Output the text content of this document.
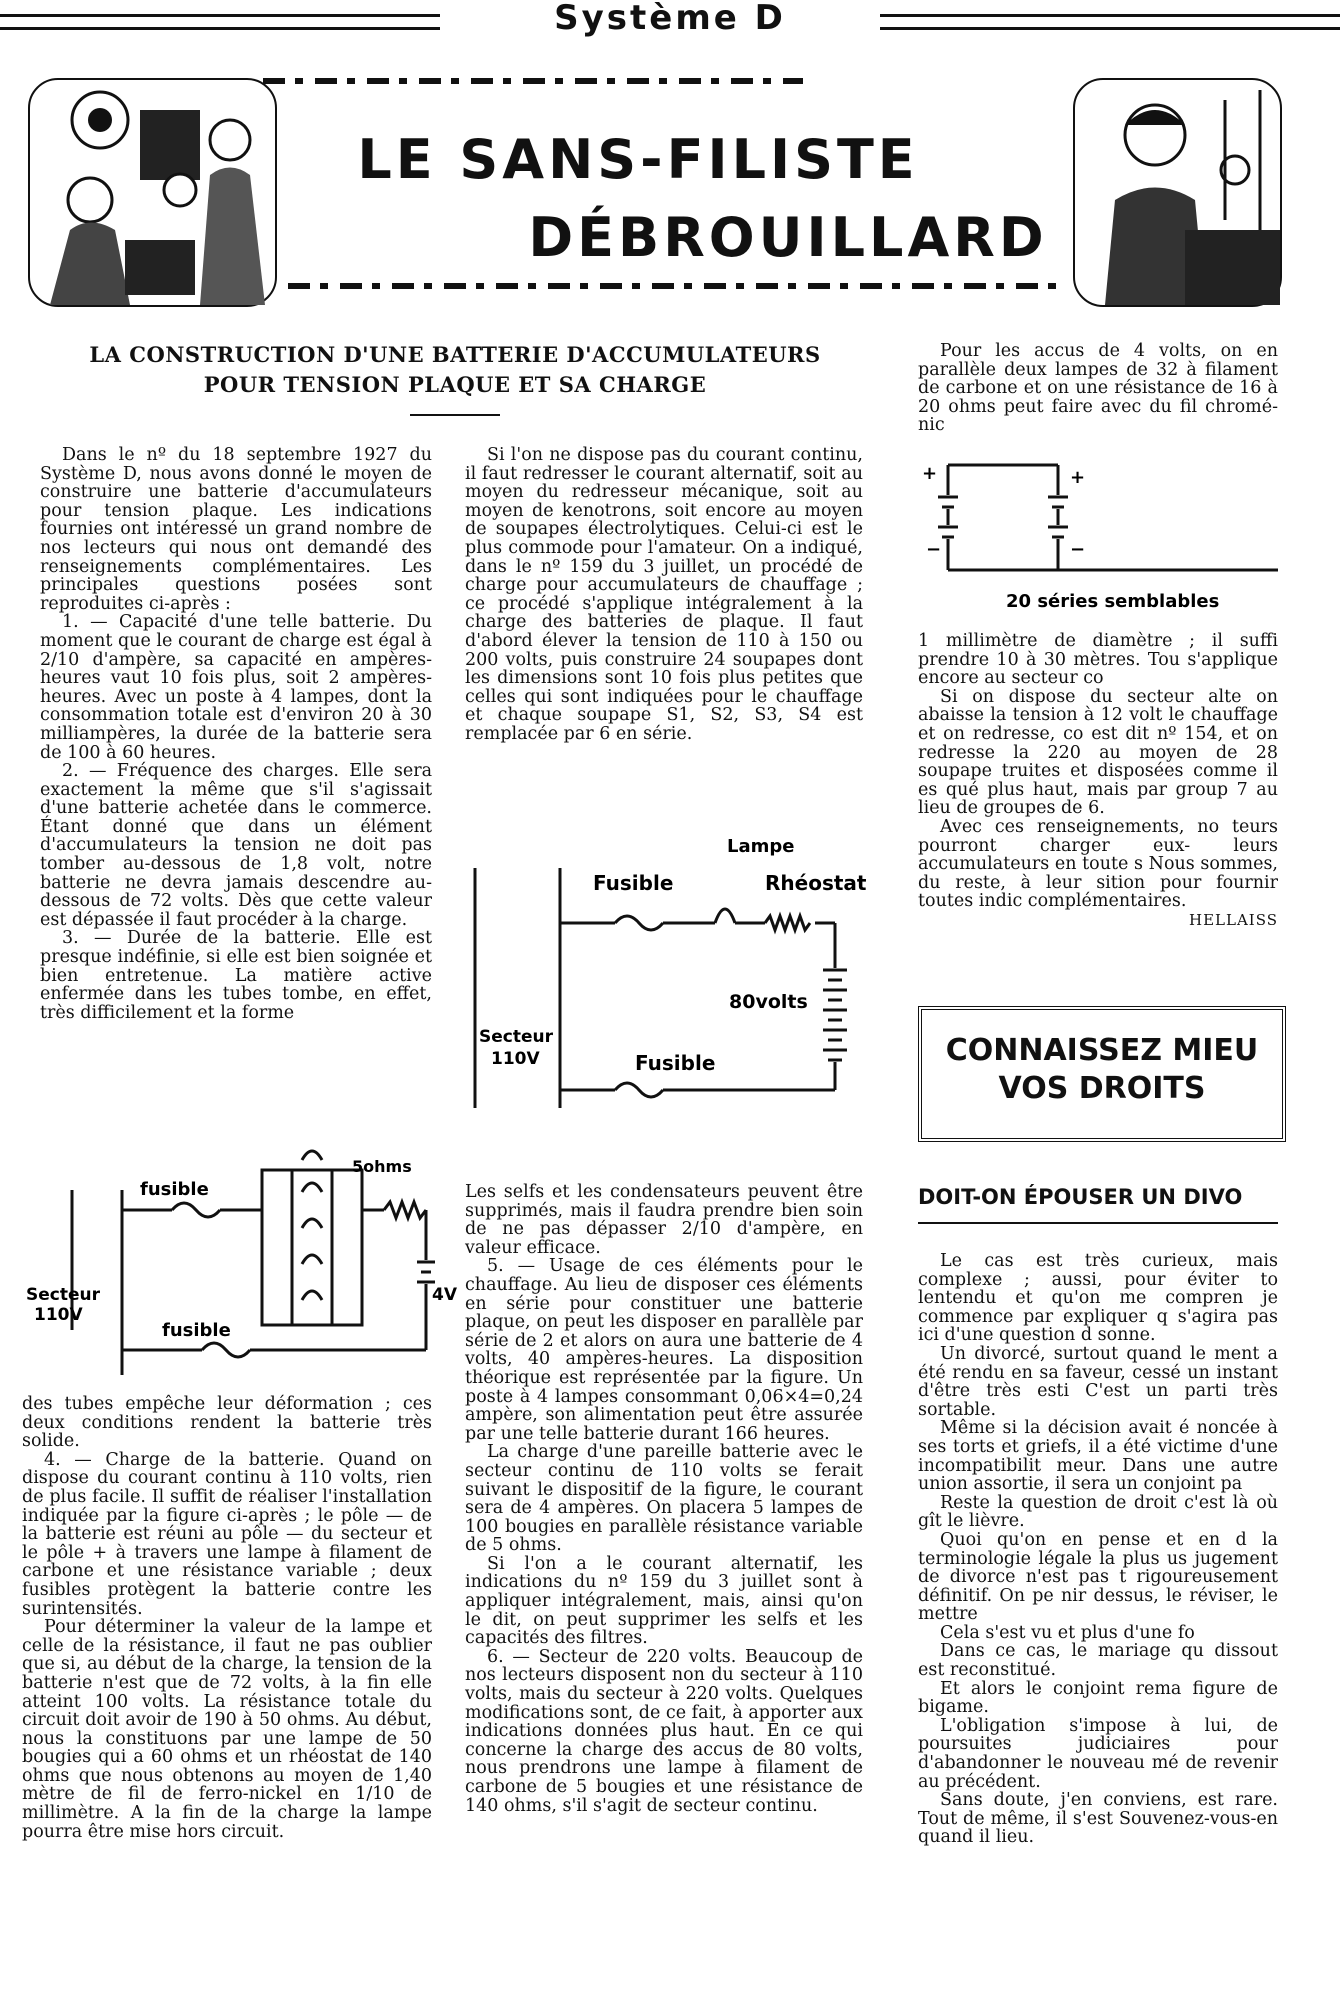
Système D
LE SANS-FILISTE
DÉBROUILLARD
LA CONSTRUCTION D'UNE BATTERIE D'ACCUMULATEURS
POUR TENSION PLAQUE ET SA CHARGE

Dans le nº du 18 septembre 1927 du Système D, nous avons donné le moyen de construire une batterie d'accumulateurs pour tension plaque. Les indications fournies ont intéressé un grand nombre de nos lecteurs qui nous ont demandé des renseignements complémentaires. Les principales questions posées sont reproduites ci-après :

1. — Capacité d'une telle batterie. Du moment que le courant de charge est égal à 2/10 d'ampère, sa capacité en ampères-heures vaut 10 fois plus, soit 2 ampères-heures. Avec un poste à 4 lampes, dont la consommation totale est d'environ 20 à 30 milliampères, la durée de la batterie sera de 100 à 60 heures.

2. — Fréquence des charges. Elle sera exactement la même que s'il s'agissait d'une batterie achetée dans le commerce. Étant donné que dans un élément d'accumulateurs la tension ne doit pas tomber au-dessous de 1,8 volt, notre batterie ne devra jamais descendre au-dessous de 72 volts. Dès que cette valeur est dépassée il faut procéder à la charge.

3. — Durée de la batterie. Elle est presque indéfinie, si elle est bien soignée et bien entretenue. La matière active enfermée dans les tubes tombe, en effet, très difficilement et la forme

fusible
5ohms
Secteur
110V
fusible
4V

des tubes empêche leur déformation ; ces deux conditions rendent la batterie très solide.

4. — Charge de la batterie. Quand on dispose du courant continu à 110 volts, rien de plus facile. Il suffit de réaliser l'installation indiquée par la figure ci-après ; le pôle — de la batterie est réuni au pôle — du secteur et le pôle + à travers une lampe à filament de carbone et une résistance variable ; deux fusibles protègent la batterie contre les surintensités.

Pour déterminer la valeur de la lampe et celle de la résistance, il faut ne pas oublier que si, au début de la charge, la tension de la batterie n'est que de 72 volts, à la fin elle atteint 100 volts. La résistance totale du circuit doit avoir de 190 à 50 ohms. Au début, nous la constituons par une lampe de 50 bougies qui a 60 ohms et un rhéostat de 140 ohms que nous obtenons au moyen de 1,40 mètre de fil de ferro-nickel en 1/10 de millimètre. A la fin de la charge la lampe pourra être mise hors circuit.

Si l'on ne dispose pas du courant continu, il faut redresser le courant alternatif, soit au moyen du redresseur mécanique, soit au moyen de kenotrons, soit encore au moyen de soupapes électrolytiques. Celui-ci est le plus commode pour l'amateur. On a indiqué, dans le nº 159 du 3 juillet, un procédé de charge pour accumulateurs de chauffage ; ce procédé s'applique intégralement à la charge des batteries de plaque. Il faut d'abord élever la tension de 110 à 150 ou 200 volts, puis construire 24 soupapes dont les dimensions sont 10 fois plus petites que celles qui sont indiquées pour le chauffage et chaque soupape S1, S2, S3, S4 est remplacée par 6 en série.

Lampe
Fusible	Rhéostat
80volts
Secteur
110V	Fusible

Les selfs et les condensateurs peuvent être supprimés, mais il faudra prendre bien soin de ne pas dépasser 2/10 d'ampère, en valeur efficace.

5. — Usage de ces éléments pour le chauffage. Au lieu de disposer ces éléments en série pour constituer une batterie plaque, on peut les disposer en parallèle par série de 2 et alors on aura une batterie de 4 volts, 40 ampères-heures. La disposition théorique est représentée par la figure. Un poste à 4 lampes consommant 0,06×4=0,24 ampère, son alimentation peut être assurée par une telle batterie durant 166 heures.

La charge d'une pareille batterie avec le secteur continu de 110 volts se ferait suivant le dispositif de la figure, le courant sera de 4 ampères. On placera 5 lampes de 100 bougies en parallèle résistance variable de 5 ohms.

Si l'on a le courant alternatif, les indications du nº 159 du 3 juillet sont à appliquer intégralement, mais, ainsi qu'on le dit, on peut supprimer les selfs et les capacités des filtres.

6. — Secteur de 220 volts. Beaucoup de nos lecteurs disposent non du secteur à 110 volts, mais du secteur à 220 volts. Quelques modifications sont, de ce fait, à apporter aux indications données plus haut. En ce qui concerne la charge des accus de 80 volts, nous prendrons une lampe à filament de carbone de 5 bougies et une résistance de 140 ohms, s'il s'agit de secteur continu.

Pour les accus de 4 volts, on en parallèle deux lampes de 32 à filament de carbone et on une résistance de 16 à 20 ohms peut faire avec du fil chromé-nic

+	+
−	−
20 séries semblables

1 millimètre de diamètre ; il suffi prendre 10 à 30 mètres. Tou s'applique encore au secteur co

Si on dispose du secteur alte on abaisse la tension à 12 volt le chauffage et on redresse, co est dit nº 154, et on redresse la 220 au moyen de 28 soupape truites et disposées comme il es qué plus haut, mais par group 7 au lieu de groupes de 6.

Avec ces renseignements, no teurs pourront charger eux- leurs accumulateurs en toute s Nous sommes, du reste, à leur sition pour fournir toutes indic complémentaires.

HELLAISS
CONNAISSEZ MIEU
VOS DROITS
DOIT-ON ÉPOUSER UN DIVO

Le cas est très curieux, mais complexe ; aussi, pour éviter to lentendu et qu'on me compren je commence par expliquer q s'agira pas ici d'une question d sonne.

Un divorcé, surtout quand le ment a été rendu en sa faveur, cessé un instant d'être très esti C'est un parti très sortable.

Même si la décision avait é noncée à ses torts et griefs, il a été victime d'une incompatibilit meur. Dans une autre union assortie, il sera un conjoint pa

Reste la question de droit c'est là où gît le lièvre.

Quoi qu'on en pense et en d la terminologie légale la plus us jugement de divorce n'est pas t rigoureusement définitif. On pe nir dessus, le réviser, le mettre

Cela s'est vu et plus d'une fo

Dans ce cas, le mariage qu dissout est reconstitué.

Et alors le conjoint rema figure de bigame.

L'obligation s'impose à lui, de poursuites judiciaires pour d'abandonner le nouveau mé de revenir au précédent.

Sans doute, j'en conviens, est rare. Tout de même, il s'est Souvenez-vous-en quand il lieu.
